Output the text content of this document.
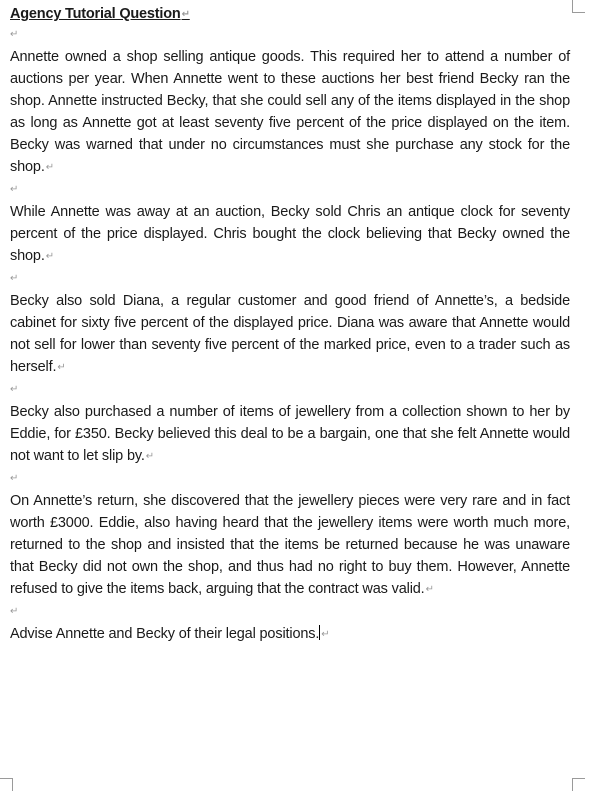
Agency Tutorial Question↵
↵
Annette owned a shop selling antique goods. This required her to attend a number of auctions per year. When Annette went to these auctions her best friend Becky ran the shop. Annette instructed Becky, that she could sell any of the items displayed in the shop as long as Annette got at least seventy five percent of the price displayed on the item. Becky was warned that under no circumstances must she purchase any stock for the shop.↵
↵
While Annette was away at an auction, Becky sold Chris an antique clock for seventy percent of the price displayed. Chris bought the clock believing that Becky owned the shop.↵
↵
Becky also sold Diana, a regular customer and good friend of Annette’s, a bedside cabinet for sixty five percent of the displayed price. Diana was aware that Annette would not sell for lower than seventy five percent of the marked price, even to a trader such as herself.↵
↵
Becky also purchased a number of items of jewellery from a collection shown to her by Eddie, for £350. Becky believed this deal to be a bargain, one that she felt Annette would not want to let slip by.↵
↵
On Annette’s return, she discovered that the jewellery pieces were very rare and in fact worth £3000. Eddie, also having heard that the jewellery items were worth much more, returned to the shop and insisted that the items be returned because he was unaware that Becky did not own the shop, and thus had no right to buy them. However, Annette refused to give the items back, arguing that the contract was valid.↵
↵
Advise Annette and Becky of their legal positions. ↵
